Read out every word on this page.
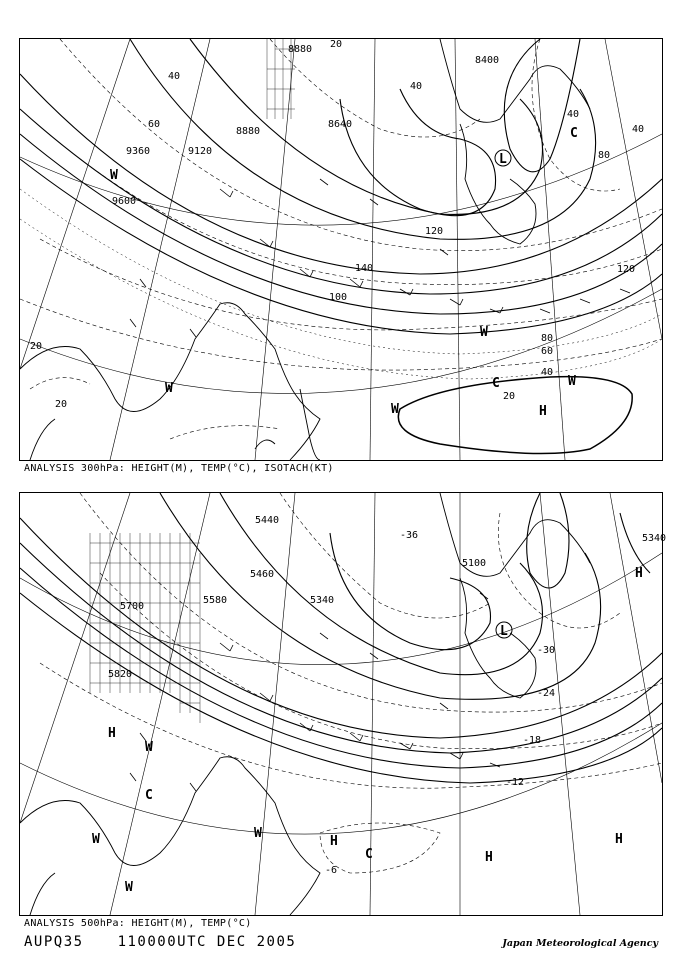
8880
8400
8640
8880
9120
9360
9600
20
40
40
40
40
60
60
80
80
120
120
100
140
40
20
20
20
L
C
C
H
W
W
W
W
W
ANALYSIS 300hPa: HEIGHT(M), TEMP(°C), ISOTACH(KT)
5440
5460
5340
5580
5700
5820
5100
5340
-18
-12
-24
-30
-36
-6
L
H
H
H
H
C
C
W
W
W
W
H
ANALYSIS 500hPa: HEIGHT(M), TEMP(°C)
AUPQ35 110000UTC DEC 2005	Japan Meteorological Agency
